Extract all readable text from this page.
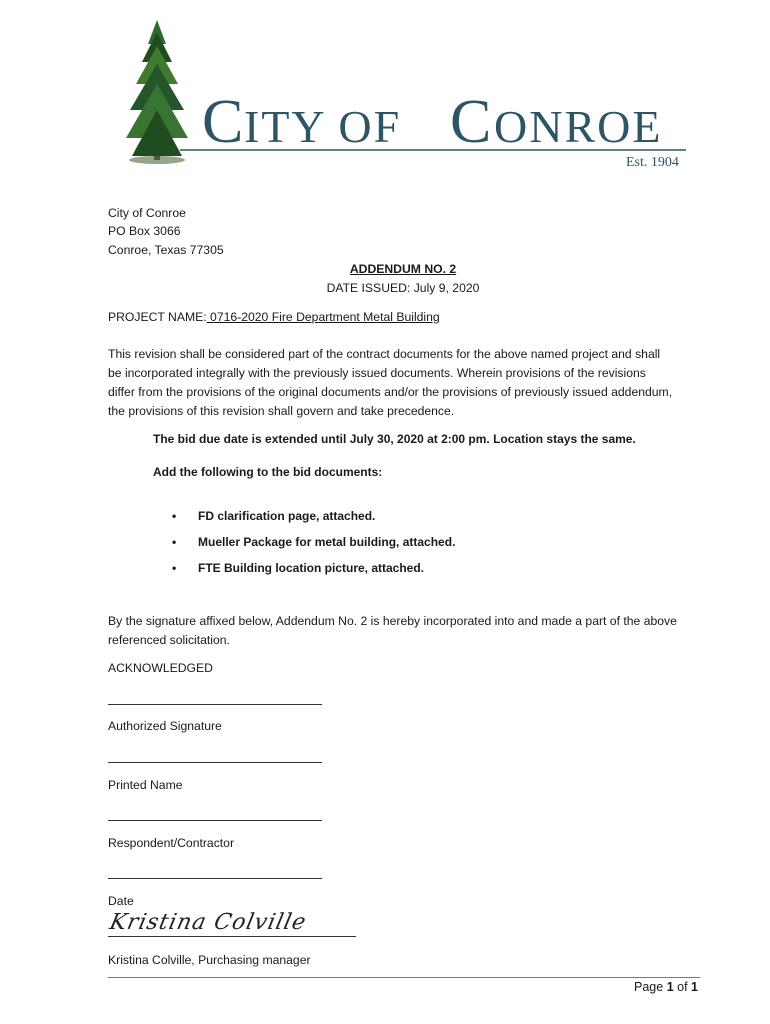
C ITY OF C ONROE
Est. 1904
City of Conroe
PO Box 3066
Conroe, Texas 77305
ADDENDUM NO. 2
DATE ISSUED: July 9, 2020
PROJECT NAME: 0716-2020 Fire Department Metal Building
This revision shall be considered part of the contract documents for the above named project and shall
be incorporated integrally with the previously issued documents. Wherein provisions of the revisions
differ from the provisions of the original documents and/or the provisions of previously issued addendum,
the provisions of this revision shall govern and take precedence.
The bid due date is extended until July 30, 2020 at 2:00 pm. Location stays the same.
Add the following to the bid documents:
• FD clarification page, attached.
• Mueller Package for metal building, attached.
• FTE Building location picture, attached.
By the signature affixed below, Addendum No. 2 is hereby incorporated into and made a part of the above
referenced solicitation.
ACKNOWLEDGED
Authorized Signature
Printed Name
Respondent/Contractor
Date
Kristina Colville
Kristina Colville, Purchasing manager
Page 1 of 1
